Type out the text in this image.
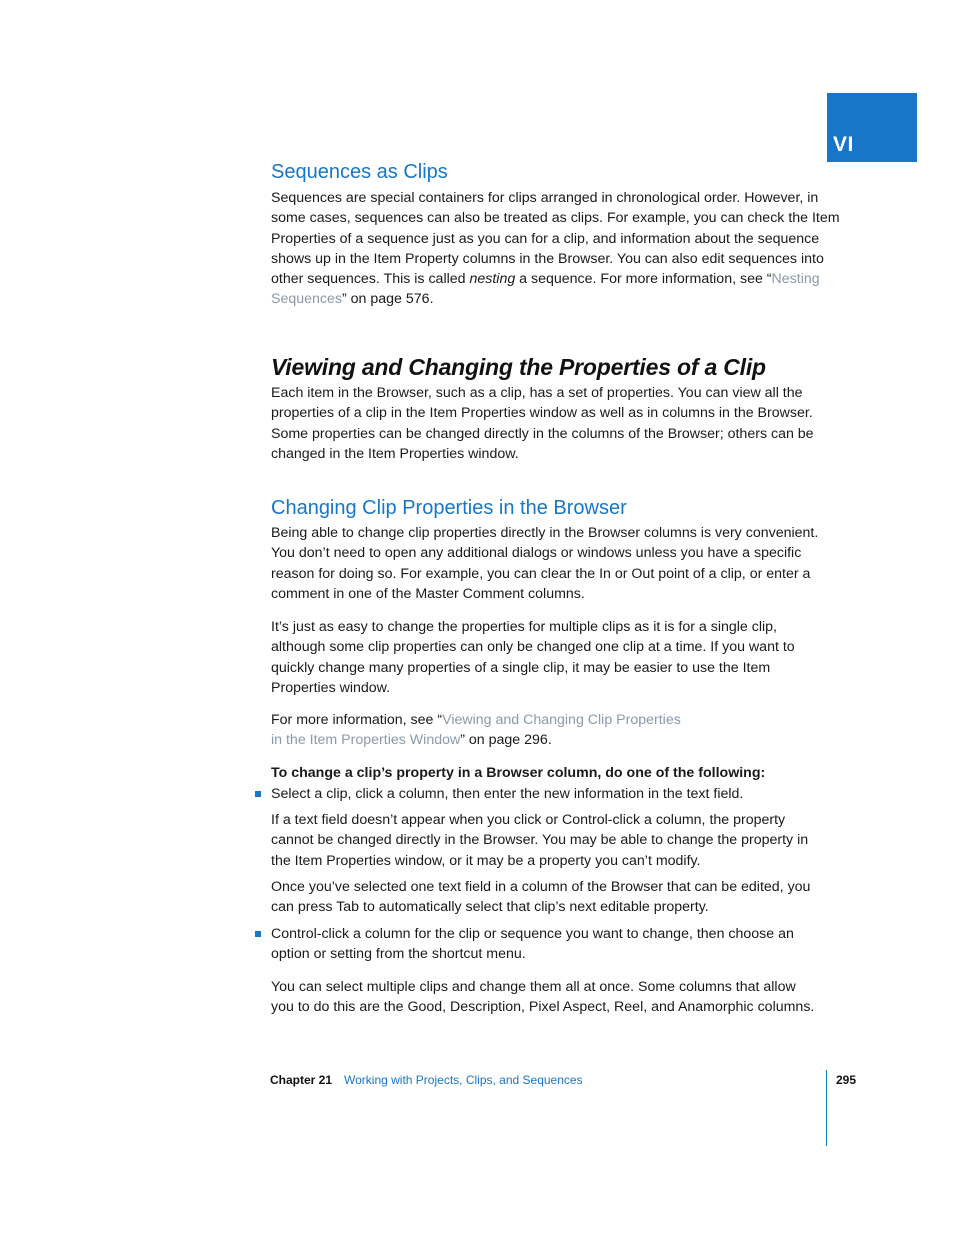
VI
Sequences as Clips
Sequences are special containers for clips arranged in chronological order. However, in
some cases, sequences can also be treated as clips. For example, you can check the Item
Properties of a sequence just as you can for a clip, and information about the sequence
shows up in the Item Property columns in the Browser. You can also edit sequences into
other sequences. This is called nesting a sequence. For more information, see “Nesting
Sequences” on page 576.
Viewing and Changing the Properties of a Clip
Each item in the Browser, such as a clip, has a set of properties. You can view all the
properties of a clip in the Item Properties window as well as in columns in the Browser.
Some properties can be changed directly in the columns of the Browser; others can be
changed in the Item Properties window.
Changing Clip Properties in the Browser
Being able to change clip properties directly in the Browser columns is very convenient.
You don’t need to open any additional dialogs or windows unless you have a specific
reason for doing so. For example, you can clear the In or Out point of a clip, or enter a
comment in one of the Master Comment columns.
It’s just as easy to change the properties for multiple clips as it is for a single clip,
although some clip properties can only be changed one clip at a time. If you want to
quickly change many properties of a single clip, it may be easier to use the Item
Properties window.
For more information, see “Viewing and Changing Clip Properties
in the Item Properties Window” on page 296.
To change a clip’s property in a Browser column, do one of the following:
Select a clip, click a column, then enter the new information in the text field.
If a text field doesn’t appear when you click or Control-click a column, the property
cannot be changed directly in the Browser. You may be able to change the property in
the Item Properties window, or it may be a property you can’t modify.
Once you’ve selected one text field in a column of the Browser that can be edited, you
can press Tab to automatically select that clip’s next editable property.
Control-click a column for the clip or sequence you want to change, then choose an
option or setting from the shortcut menu.
You can select multiple clips and change them all at once. Some columns that allow
you to do this are the Good, Description, Pixel Aspect, Reel, and Anamorphic columns.
Chapter 21 Working with Projects, Clips, and Sequences	295
